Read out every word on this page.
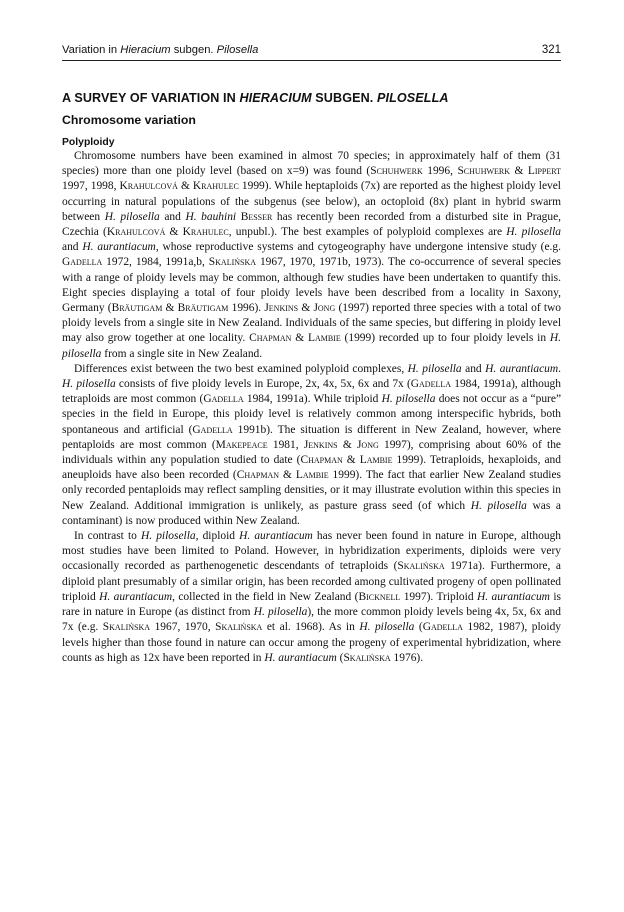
Variation in Hieracium subgen. Pilosella	321
A SURVEY OF VARIATION IN HIERACIUM SUBGEN. PILOSELLA
Chromosome variation
Polyploidy

Chromosome numbers have been examined in almost 70 species; in approximately half of them (31 species) more than one ploidy level (based on x=9) was found (Schuhwerk 1996, Schuhwerk & Lippert 1997, 1998, Krahulcová & Krahulec 1999). While heptaploids (7x) are reported as the highest ploidy level occurring in natural populations of the subgenus (see below), an octoploid (8x) plant in hybrid swarm between H. pilosella and H. bauhini Besser has recently been recorded from a disturbed site in Prague, Czechia (Krahulcová & Krahulec, unpubl.). The best examples of polyploid complexes are H. pilosella and H. aurantiacum, whose reproductive systems and cytogeography have undergone intensive study (e.g. Gadella 1972, 1984, 1991a,b, Skalińska 1967, 1970, 1971b, 1973). The co-occurrence of several species with a range of ploidy levels may be common, although few studies have been undertaken to quantify this. Eight species displaying a total of four ploidy levels have been described from a locality in Saxony, Germany (Bräutigam & Bräutigam 1996). Jenkins & Jong (1997) reported three species with a total of two ploidy levels from a single site in New Zealand. Individuals of the same species, but differing in ploidy level may also grow together at one locality. Chapman & Lambie (1999) recorded up to four ploidy levels in H. pilosella from a single site in New Zealand.

Differences exist between the two best examined polyploid complexes, H. pilosella and H. aurantiacum. H. pilosella consists of five ploidy levels in Europe, 2x, 4x, 5x, 6x and 7x (Gadella 1984, 1991a), although tetraploids are most common (Gadella 1984, 1991a). While triploid H. pilosella does not occur as a “pure” species in the field in Europe, this ploidy level is relatively common among interspecific hybrids, both spontaneous and artificial (Gadella 1991b). The situation is different in New Zealand, however, where pentaploids are most common (Makepeace 1981, Jenkins & Jong 1997), comprising about 60% of the individuals within any population studied to date (Chapman & Lambie 1999). Tetraploids, hexaploids, and aneuploids have also been recorded (Chapman & Lambie 1999). The fact that earlier New Zealand studies only recorded pentaploids may reflect sampling densities, or it may illustrate evolution within this species in New Zealand. Additional immigration is unlikely, as pasture grass seed (of which H. pilosella was a contaminant) is now produced within New Zealand.

In contrast to H. pilosella, diploid H. aurantiacum has never been found in nature in Europe, although most studies have been limited to Poland. However, in hybridization experiments, diploids were very occasionally recorded as parthenogenetic descendants of tetraploids (Skalińska 1971a). Furthermore, a diploid plant presumably of a similar origin, has been recorded among cultivated progeny of open pollinated triploid H. aurantiacum, collected in the field in New Zealand (Bicknell 1997). Triploid H. aurantiacum is rare in nature in Europe (as distinct from H. pilosella), the more common ploidy levels being 4x, 5x, 6x and 7x (e.g. Skalińska 1967, 1970, Skalińska et al. 1968). As in H. pilosella (Gadella 1982, 1987), ploidy levels higher than those found in nature can occur among the progeny of experimental hybridization, where counts as high as 12x have been reported in H. aurantiacum (Skalińska 1976).
